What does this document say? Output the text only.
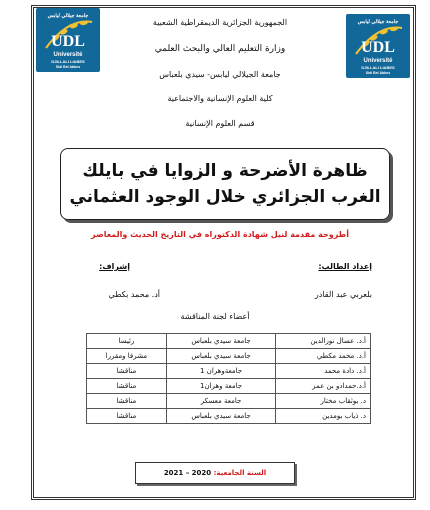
UDL
جامعة جيلالي ليابس
Université
DJILLALI LIABES
Sidi Bel Abbes
UDL
جامعة جيلالي ليابس
Université
DJILLALI LIABES
Sidi Bel Abbes
الجمهورية الجزائرية الديمقراطية الشعبية
وزارة التعليم العالي والبحث العلمي
جامعة الجيلالي ليابس- سيدي بلعباس
كلية العلوم الإنسانية والاجتماعية
قسم العلوم الإنسانية
ظاهرة الأضرحة و الزوايا في بايلك
الغرب الجزائري خلال الوجود العثماني
أطروحة مقدمة لنيل شهادة الدكتوراه في التاريخ الحديث والمعاصر
إعداد الطالب:
بلعربي عبد القادر
إشراف:
أد. محمد بكطي
أعضاء لجنة المناقشة
أ.د. عسال نورالدين	جامعة سيدي بلعباس	رئيسا
أ.د. محمد مكطي	جامعة سيدي بلعباس	مشرفا ومقررا
أ.د. دادة محمد	جامعةوهران 1	مناقشا
أ.د.حمدادو بن عمر	جامعة وهران1	مناقشا
د. بوثقاب مختار	جامعة معسكر	مناقشا
د. ذياب بومدين	جامعة سيدي بلعباس	مناقشا
السنة الجامعية: 2020 – 2021
